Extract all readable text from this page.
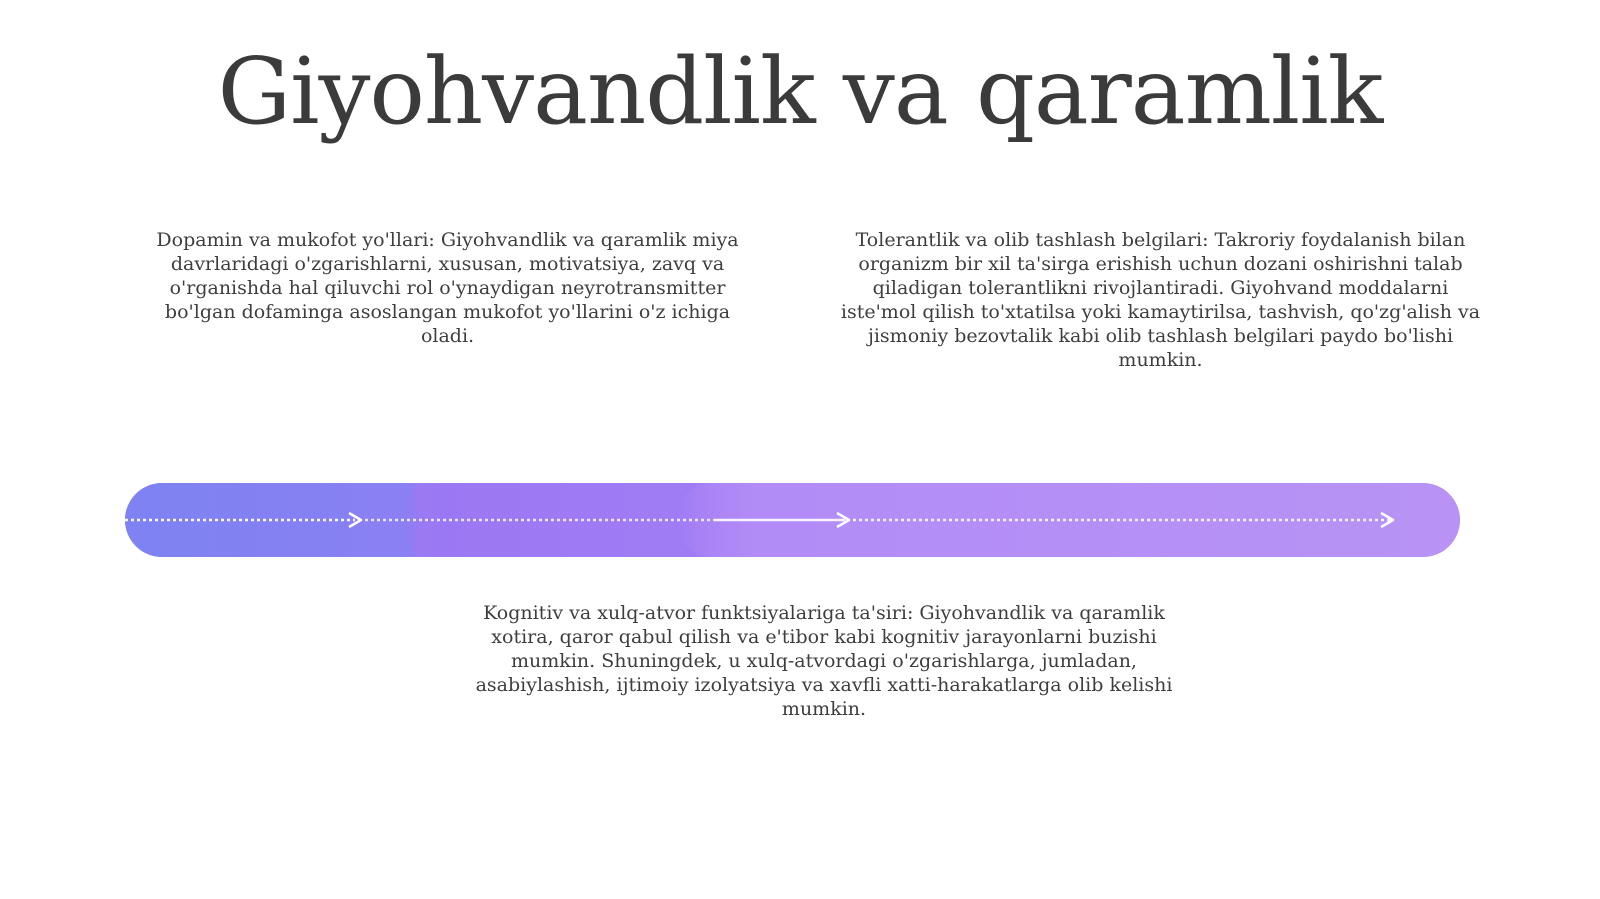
Giyohvandlik va qaramlik
Dopamin va mukofot yo'llari: Giyohvandlik va qaramlik miya davrlaridagi o'zgarishlarni, xususan, motivatsiya, zavq va o'rganishda hal qiluvchi rol o'ynaydigan neyrotransmitter bo'lgan dofaminga asoslangan mukofot yo'llarini o'z ichiga oladi.
Tolerantlik va olib tashlash belgilari: Takroriy foydalanish bilan organizm bir xil ta'sirga erishish uchun dozani oshirishni talab qiladigan tolerantlikni rivojlantiradi. Giyohvand moddalarni iste'mol qilish to'xtatilsa yoki kamaytirilsa, tashvish, qo'zg'alish va jismoniy bezovtalik kabi olib tashlash belgilari paydo bo'lishi mumkin.
Kognitiv va xulq-atvor funktsiyalariga ta'siri: Giyohvandlik va qaramlik xotira, qaror qabul qilish va e'tibor kabi kognitiv jarayonlarni buzishi mumkin. Shuningdek, u xulq-atvordagi o'zgarishlarga, jumladan, asabiylashish, ijtimoiy izolyatsiya va xavfli xatti-harakatlarga olib kelishi mumkin.
